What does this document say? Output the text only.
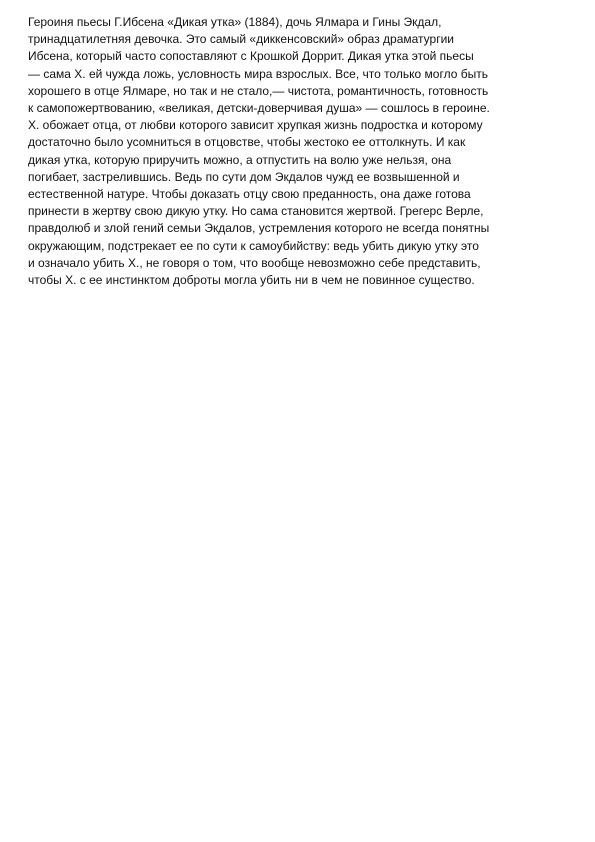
Героиня пьесы Г.Ибсена «Дикая утка» (1884), дочь Ялмара и Гины Экдал,
тринадцатилетняя девочка. Это самый «диккенсовский» образ драматургии
Ибсена, который часто сопоставляют с Крошкой Доррит. Дикая утка этой пьесы
— сама Х. ей чужда ложь, условность мира взрослых. Все, что только могло быть
хорошего в отце Ялмаре, но так и не стало,— чистота, романтичность, готовность
к самопожертвованию, «великая, детски-доверчивая душа» — сошлось в героине.
Х. обожает отца, от любви которого зависит хрупкая жизнь подростка и которому
достаточно было усомниться в отцовстве, чтобы жестоко ее оттолкнуть. И как
дикая утка, которую приручить можно, а отпустить на волю уже нельзя, она
погибает, застрелившись. Ведь по сути дом Экдалов чужд ее возвышенной и
естественной натуре. Чтобы доказать отцу свою преданность, она даже готова
принести в жертву свою дикую утку. Но сама становится жертвой. Грегерс Верле,
правдолюб и злой гений семьи Экдалов, устремления которого не всегда понятны
окружающим, подстрекает ее по сути к самоубийству: ведь убить дикую утку это
и означало убить Х., не говоря о том, что вообще невозможно себе представить,
чтобы Х. с ее инстинктом доброты могла убить ни в чем не повинное существо.
